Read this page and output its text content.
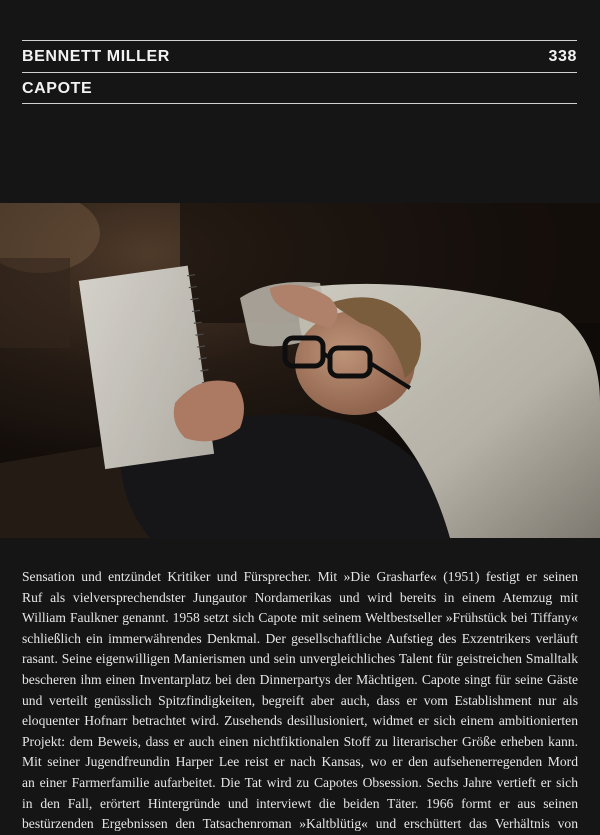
BENNETT MILLER	338
CAPOTE
Sensation und entzündet Kritiker und Fürsprecher. Mit »Die Grasharfe« (1951) festigt er seinen
Ruf als vielversprechendster Jungautor Nordamerikas und wird bereits in einem Atemzug mit
William Faulkner genannt. 1958 setzt sich Capote mit seinem Weltbestseller »Frühstück bei Tiffany«
schließlich ein immerwährendes Denkmal. Der gesellschaftliche Aufstieg des Exzentrikers verläuft
rasant. Seine eigenwilligen Manierismen und sein unvergleichliches Talent für geistreichen Smalltalk
bescheren ihm einen Inventarplatz bei den Dinnerpartys der Mächtigen. Capote singt für seine Gäste
und verteilt genüsslich Spitzfindigkeiten, begreift aber auch, dass er vom Establishment nur als
eloquenter Hofnarr betrachtet wird. Zusehends desillusioniert, widmet er sich einem ambitionierten
Projekt: dem Beweis, dass er auch einen nichtfiktionalen Stoff zu literarischer Größe erheben kann.
Mit seiner Jugendfreundin Harper Lee reist er nach Kansas, wo er den aufsehenerregenden Mord
an einer Farmerfamilie aufarbeitet. Die Tat wird zu Capotes Obsession. Sechs Jahre vertieft er sich
in den Fall, erörtert Hintergründe und interviewt die beiden Täter. 1966 formt er aus seinen
bestürzenden Ergebnissen den Tatsachenroman »Kaltblütig« und erschüttert das Verhältnis von
